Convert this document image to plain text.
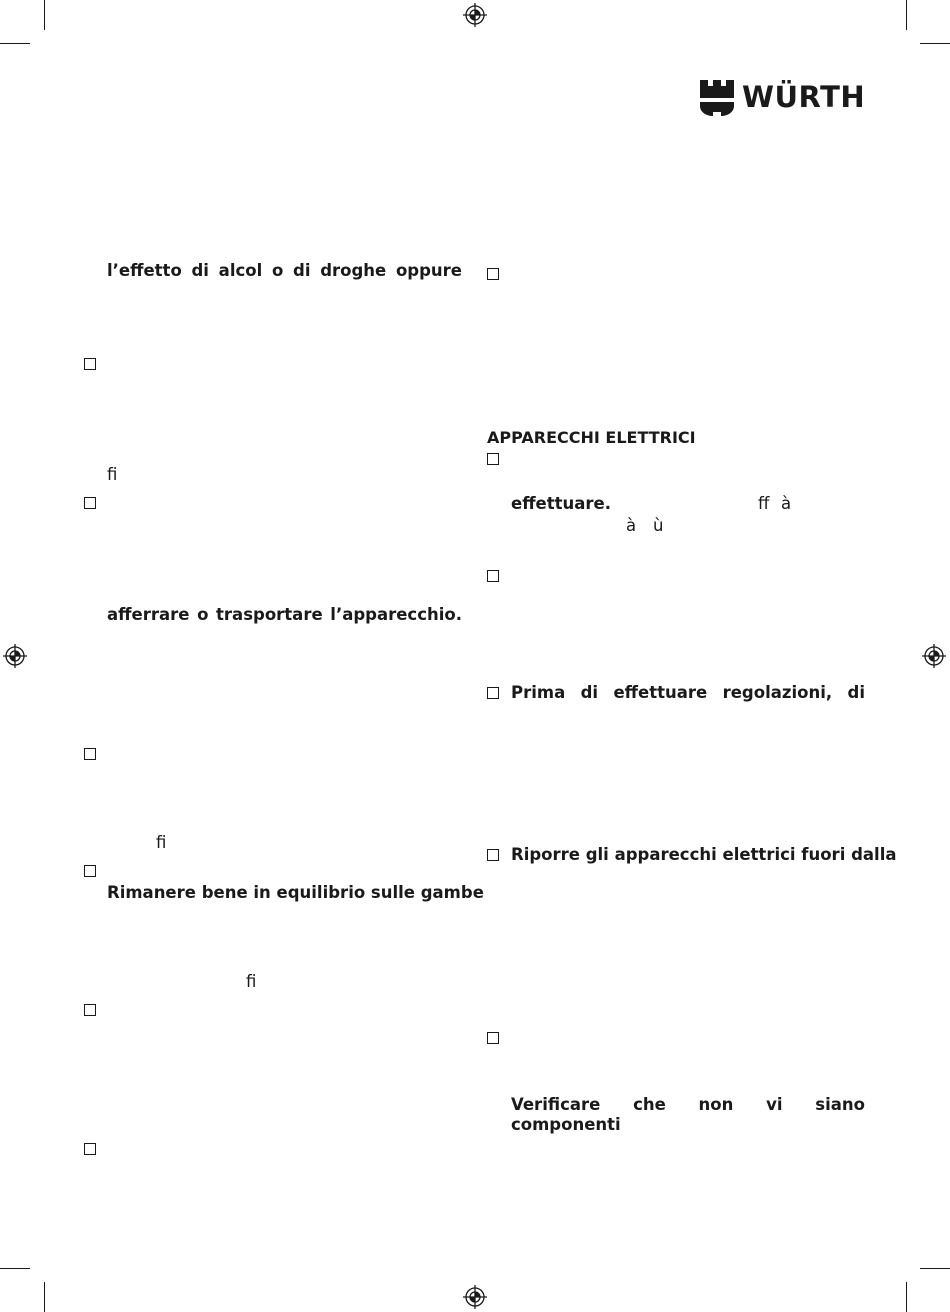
WÜRTH
l’effetto di alcol o di droghe oppure
ﬁ
afferrare o trasportare l’apparecchio.
ﬁ
Rimanere bene in equilibrio sulle gambe
ﬁ
APPARECCHI ELETTRICI
effettuare.	ﬀ à
à ù
Prima di effettuare regolazioni, di
Riporre gli apparecchi elettrici fuori dalla
Verificare che non vi siano componenti
